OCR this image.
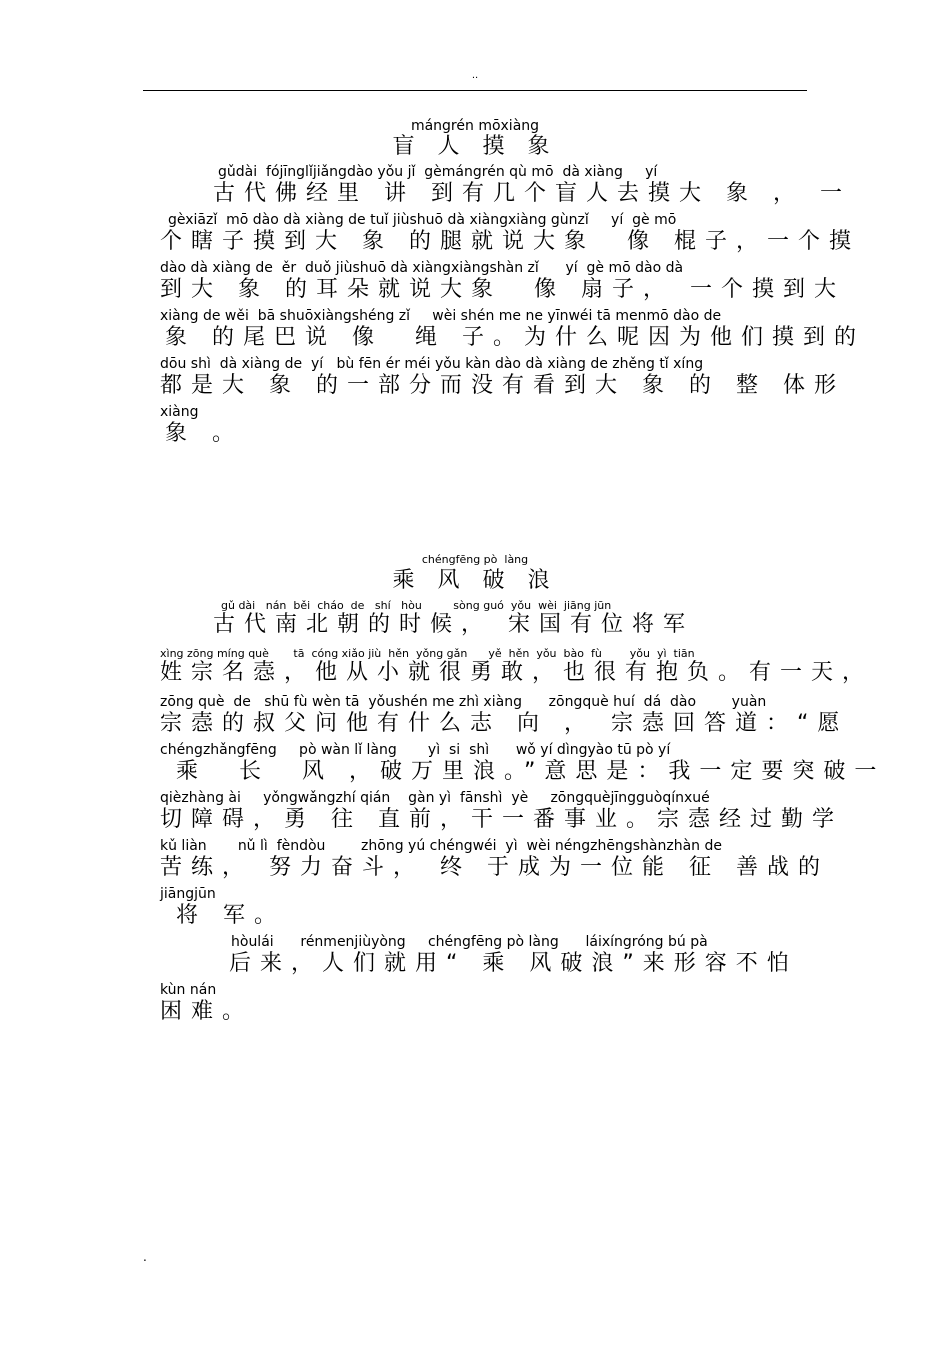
..
mángrén mōxiàng
盲 人 摸 象
gǔdài  fójīnglǐjiǎngdào yǒu jǐ  gèmángrén qù mō  dà xiàng     yí
古代佛经里 讲 到有几个盲人去摸大 象 ， 一
gèxiāzǐ  mō dào dà xiàng de tuǐ jiùshuō dà xiàngxiàng gùnzǐ     yí  gè mō
个瞎子摸到大 象 的腿就说大象  像 棍子，一个摸
dào dà xiàng de  ěr  duǒ jiùshuō dà xiàngxiàngshàn zǐ      yí  gè mō dào dà
到大 象 的耳朵就说大象  像 扇子， 一个摸到大
xiàng de wěi  bā shuōxiàngshéng zǐ     wèi shén me ne yīnwéi tā menmō dào de
象 的尾巴说 像  绳 子。为什么呢因为他们摸到的
dōu shì  dà xiàng de  yí   bù fēn ér méi yǒu kàn dào dà xiàng de zhěng tǐ xíng
都是大 象 的一部分而没有看到大 象 的 整 体形
xiàng
象 。
chéngfēng pò  làng
乘 风 破 浪
gǔ dài   nán  běi  cháo  de   shí   hòu         sòng guó  yǒu  wèi  jiāng jūn
古代南北朝的时候， 宋国有位将军
xìng zōng míng què       tā  cóng xiǎo jiù  hěn  yǒng gǎn      yě  hěn  yǒu  bào  fù        yǒu  yì  tiān
姓宗名悫，他从小就很勇敢，也很有抱负。有一天，
zōng què  de   shū fù wèn tā  yǒushén me zhì xiàng      zōngquè huí  dá  dào        yuàn
宗悫的叔父问他有什么志 向 ， 宗悫回答道：“愿
chéngzhǎngfēng     pò wàn lǐ làng       yì  si  shì      wǒ yí dìngyào tū pò yí
乘  长  风 ，破万里浪。”意思是：我一定要突破一
qièzhàng ài     yǒngwǎngzhí qián    gàn yì  fānshì  yè     zōngquèjīngguòqínxué
切障碍，勇 往 直前，干一番事业。宗悫经过勤学
kǔ liàn       nǔ lì  fèndòu        zhōng yú chéngwéi  yì  wèi néngzhēngshànzhàn de
苦练， 努力奋斗， 终 于成为一位能 征 善战的
jiāngjūn
将 军。
hòulái      rénmenjiùyòng     chéngfēng pò làng      láixíngróng bú pà
后来，人们就用“ 乘 风破浪”来形容不怕
kùn nán
困难。
.
